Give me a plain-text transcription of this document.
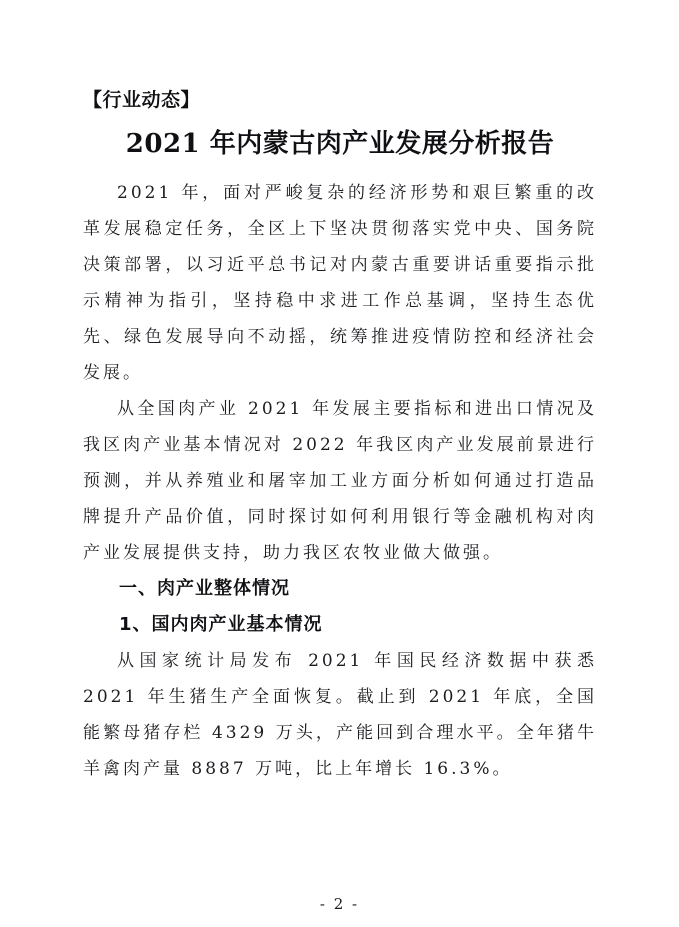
【行业动态】
2021 年内蒙古肉产业发展分析报告

2021 年，面对严峻复杂的经济形势和艰巨繁重的改革发展稳定任务，全区上下坚决贯彻落实党中央、国务院决策部署，以习近平总书记对内蒙古重要讲话重要指示批示精神为指引，坚持稳中求进工作总基调，坚持生态优先、绿色发展导向不动摇，统筹推进疫情防控和经济社会发展。

从全国肉产业 2021 年发展主要指标和进出口情况及我区肉产业基本情况对 2022 年我区肉产业发展前景进行预测，并从养殖业和屠宰加工业方面分析如何通过打造品牌提升产品价值，同时探讨如何利用银行等金融机构对肉产业发展提供支持，助力我区农牧业做大做强。

一、肉产业整体情况
1、国内肉产业基本情况

从国家统计局发布 2021 年国民经济数据中获悉 2021 年生猪生产全面恢复。截止到 2021 年底，全国能繁母猪存栏 4329 万头，产能回到合理水平。全年猪牛羊禽肉产量 8887 万吨，比上年增长 16.3%。

- 2 -
